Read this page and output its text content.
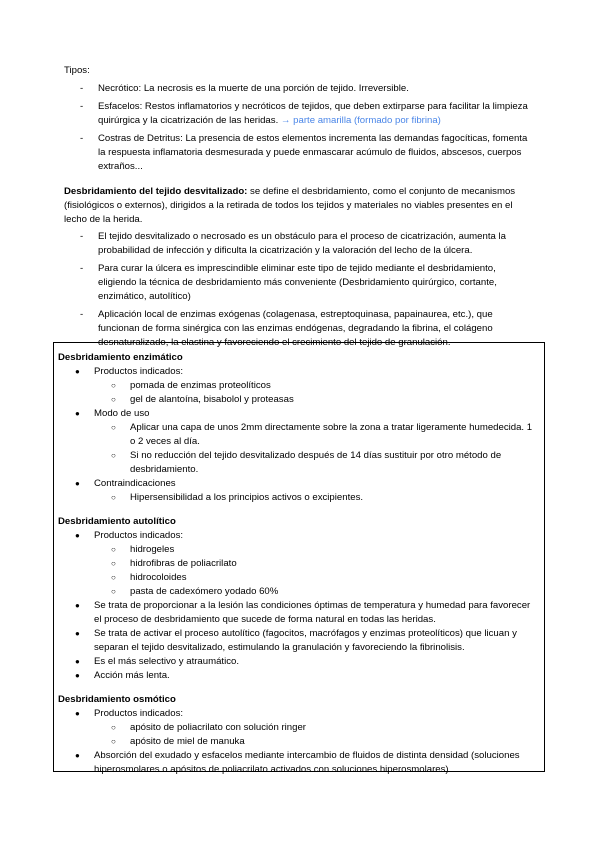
Tipos:

- Necrótico: La necrosis es la muerte de una porción de tejido. Irreversible.
- Esfacelos: Restos inflamatorios y necróticos de tejidos, que deben extirparse para facilitar la limpieza quirúrgica y la cicatrización de las heridas. → parte amarilla (formado por fibrina)
- Costras de Detritus: La presencia de estos elementos incrementa las demandas fagocíticas, fomenta la respuesta inflamatoria desmesurada y puede enmascarar acúmulo de fluidos, abscesos, cuerpos extraños...

Desbridamiento del tejido desvitalizado: se define el desbridamiento, como el conjunto de mecanismos (fisiológicos o externos), dirigidos a la retirada de todos los tejidos y materiales no viables presentes en el lecho de la herida.

- El tejido desvitalizado o necrosado es un obstáculo para el proceso de cicatrización, aumenta la probabilidad de infección y dificulta la cicatrización y la valoración del lecho de la úlcera.
- Para curar la úlcera es imprescindible eliminar este tipo de tejido mediante el desbridamiento, eligiendo la técnica de desbridamiento más conveniente (Desbridamiento quirúrgico, cortante, enzimático, autolítico)
- Aplicación local de enzimas exógenas (colagenasa, estreptoquinasa, papainaurea, etc.), que funcionan de forma sinérgica con las enzimas endógenas, degradando la fibrina, el colágeno desnaturalizado, la elastina y favoreciendo el crecimiento del tejido de granulación.

Desbridamiento enzimático

● Productos indicados:
○ pomada de enzimas proteolíticos
○ gel de alantoína, bisabolol y proteasas
● Modo de uso
○ Aplicar una capa de unos 2mm directamente sobre la zona a tratar ligeramente humedecida. 1 o 2 veces al día.
○ Si no reducción del tejido desvitalizado después de 14 días sustituir por otro método de desbridamiento.
● Contraindicaciones
○ Hipersensibilidad a los principios activos o excipientes.

Desbridamiento autolítico

● Productos indicados:
○ hidrogeles
○ hidrofibras de poliacrilato
○ hidrocoloides
○ pasta de cadexómero yodado 60%
● Se trata de proporcionar a la lesión las condiciones óptimas de temperatura y humedad para favorecer el proceso de desbridamiento que sucede de forma natural en todas las heridas.
● Se trata de activar el proceso autolítico (fagocitos, macrófagos y enzimas proteolíticos) que licuan y separan el tejido desvitalizado, estimulando la granulación y favoreciendo la fibrinolisis.
● Es el más selectivo y atraumático.
● Acción más lenta.

Desbridamiento osmótico

● Productos indicados:
○ apósito de poliacrilato con solución ringer
○ apósito de miel de manuka
● Absorción del exudado y esfacelos mediante intercambio de fluidos de distinta densidad (soluciones hiperosmolares o apósitos de poliacrilato activados con soluciones hiperosmolares)
